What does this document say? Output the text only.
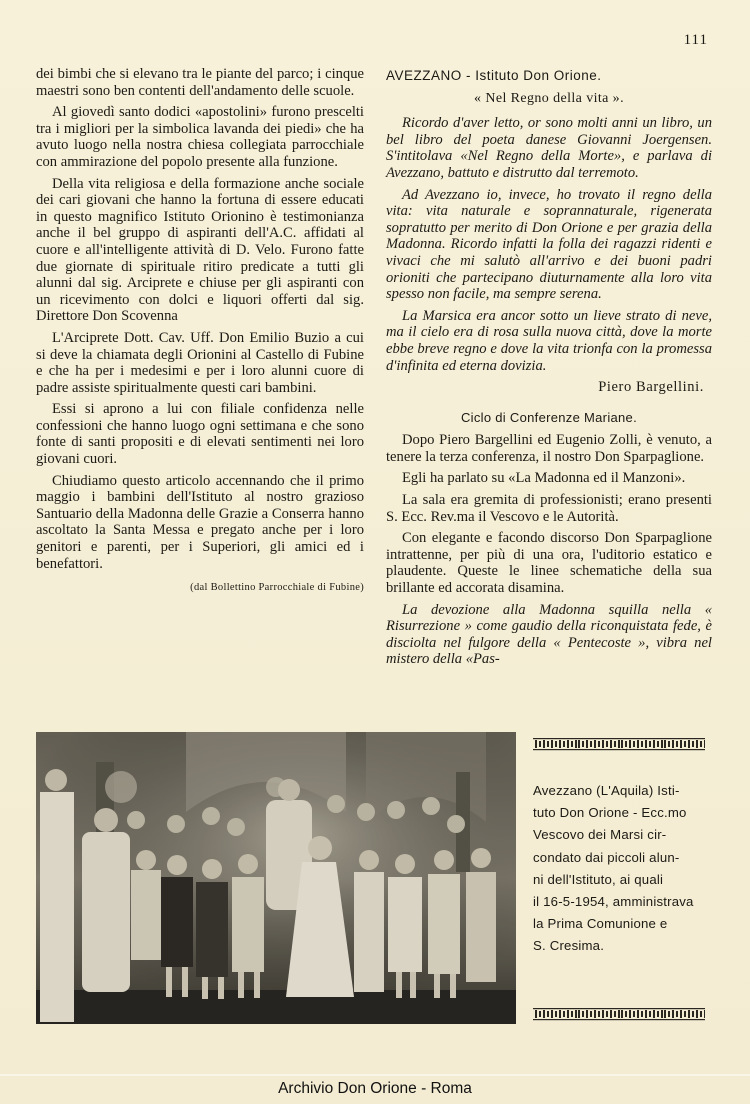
111

dei bimbi che si elevano tra le piante del parco; i cinque maestri sono ben contenti dell'andamento delle scuole.

Al giovedì santo dodici «apostolini» furono prescelti tra i migliori per la simbolica lavanda dei piedi» che ha avuto luogo nella nostra chiesa collegiata parrocchiale con ammirazione del popolo presente alla funzione.

Della vita religiosa e della formazione anche sociale dei cari giovani che hanno la fortuna di essere educati in questo magnifico Istituto Orionino è testimonianza anche il bel gruppo di aspiranti dell'A.C. affidati al cuore e all'intelligente attività di D. Velo. Furono fatte due giornate di spirituale ritiro predicate a tutti gli alunni dal sig. Arciprete e chiuse per gli aspiranti con un ricevimento con dolci e liquori offerti dal sig. Direttore Don Scovenna

L'Arciprete Dott. Cav. Uff. Don Emilio Buzio a cui si deve la chiamata degli Orionini al Castello di Fubine e che ha per i medesimi e per i loro alunni cuore di padre assiste spiritualmente questi cari bambini.

Essi si aprono a lui con filiale confidenza nelle confessioni che hanno luogo ogni settimana e che sono fonte di santi propositi e di elevati sentimenti nei loro giovani cuori.

Chiudiamo questo articolo accennando che il primo maggio i bambini dell'Istituto al nostro grazioso Santuario della Madonna delle Grazie a Conserra hanno ascoltato la Santa Messa e pregato anche per i loro genitori e parenti, per i Superiori, gli amici ed i benefattori.

(dal Bollettino Parrocchiale di Fubine)
AVEZZANO - Istituto Don Orione.
« Nel Regno della vita ».

Ricordo d'aver letto, or sono molti anni un libro, un bel libro del poeta danese Giovanni Joergensen. S'intitolava «Nel Regno della Morte», e parlava di Avezzano, battuto e distrutto dal terremoto.

Ad Avezzano io, invece, ho trovato il regno della vita: vita naturale e soprannaturale, rigenerata sopratutto per merito di Don Orione e per grazia della Madonna. Ricordo infatti la folla dei ragazzi ridenti e vivaci che mi salutò all'arrivo e dei buoni padri orioniti che partecipano diuturnamente alla loro vita spesso non facile, ma sempre serena.

La Marsica era ancor sotto un lieve strato di neve, ma il cielo era di rosa sulla nuova città, dove la morte ebbe breve regno e dove la vita trionfa con la promessa d'infinita ed eterna dovizia.

Piero Bargellini.
Ciclo di Conferenze Mariane.

Dopo Piero Bargellini ed Eugenio Zolli, è venuto, a tenere la terza conferenza, il nostro Don Sparpaglione.

Egli ha parlato su «La Madonna ed il Manzoni».

La sala era gremita di professionisti; erano presenti S. Ecc. Rev.ma il Vescovo e le Autorità.

Con elegante e facondo discorso Don Sparpaglione intrattenne, per più di una ora, l'uditorio estatico e plaudente. Queste le linee schematiche della sua brillante ed accorata disamina.

La devozione alla Madonna squilla nella « Risurrezione » come gaudio della riconquistata fede, è disciolta nel fulgore della « Pentecoste », vibra nel mistero della «Pas-

Avezzano (L'Aquila) Isti-
tuto Don Orione - Ecc.mo
Vescovo dei Marsi cir-
condato dai piccoli alun-
ni dell'Istituto, ai quali
il 16-5-1954, amministrava
la Prima Comunione e
S. Cresima.
Archivio Don Orione - Roma
